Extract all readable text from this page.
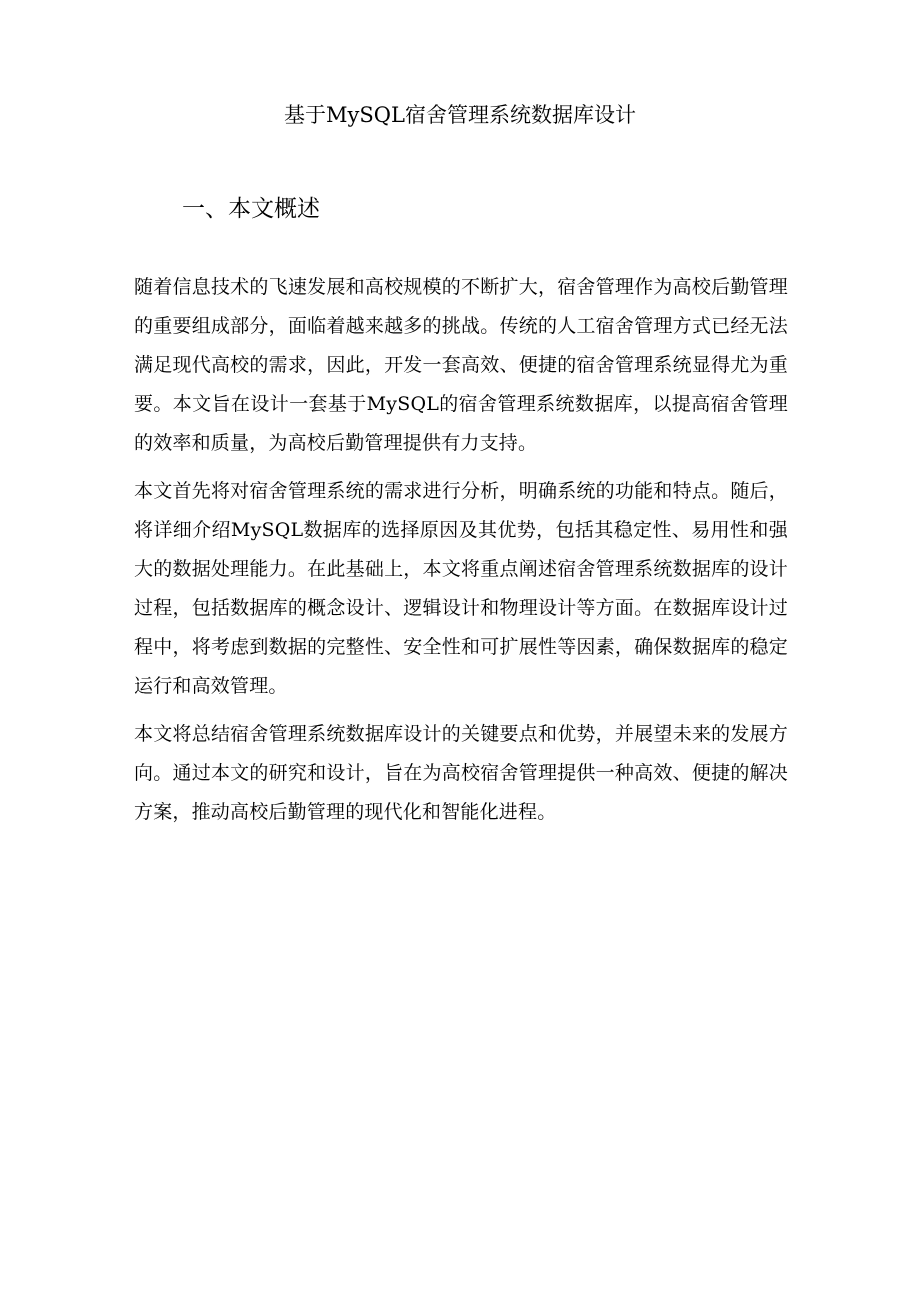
基于MySQL宿舍管理系统数据库设计
一、本文概述

随着信息技术的飞速发展和高校规模的不断扩大，宿舍管理作为高校后勤管理的重要组成部分，面临着越来越多的挑战。传统的人工宿舍管理方式已经无法满足现代高校的需求，因此，开发一套高效、便捷的宿舍管理系统显得尤为重要。本文旨在设计一套基于MySQL的宿舍管理系统数据库，以提高宿舍管理的效率和质量，为高校后勤管理提供有力支持。

本文首先将对宿舍管理系统的需求进行分析，明确系统的功能和特点。随后，将详细介绍MySQL数据库的选择原因及其优势，包括其稳定性、易用性和强大的数据处理能力。在此基础上，本文将重点阐述宿舍管理系统数据库的设计过程，包括数据库的概念设计、逻辑设计和物理设计等方面。在数据库设计过程中，将考虑到数据的完整性、安全性和可扩展性等因素，确保数据库的稳定运行和高效管理。

本文将总结宿舍管理系统数据库设计的关键要点和优势，并展望未来的发展方向。通过本文的研究和设计，旨在为高校宿舍管理提供一种高效、便捷的解决方案，推动高校后勤管理的现代化和智能化进程。
